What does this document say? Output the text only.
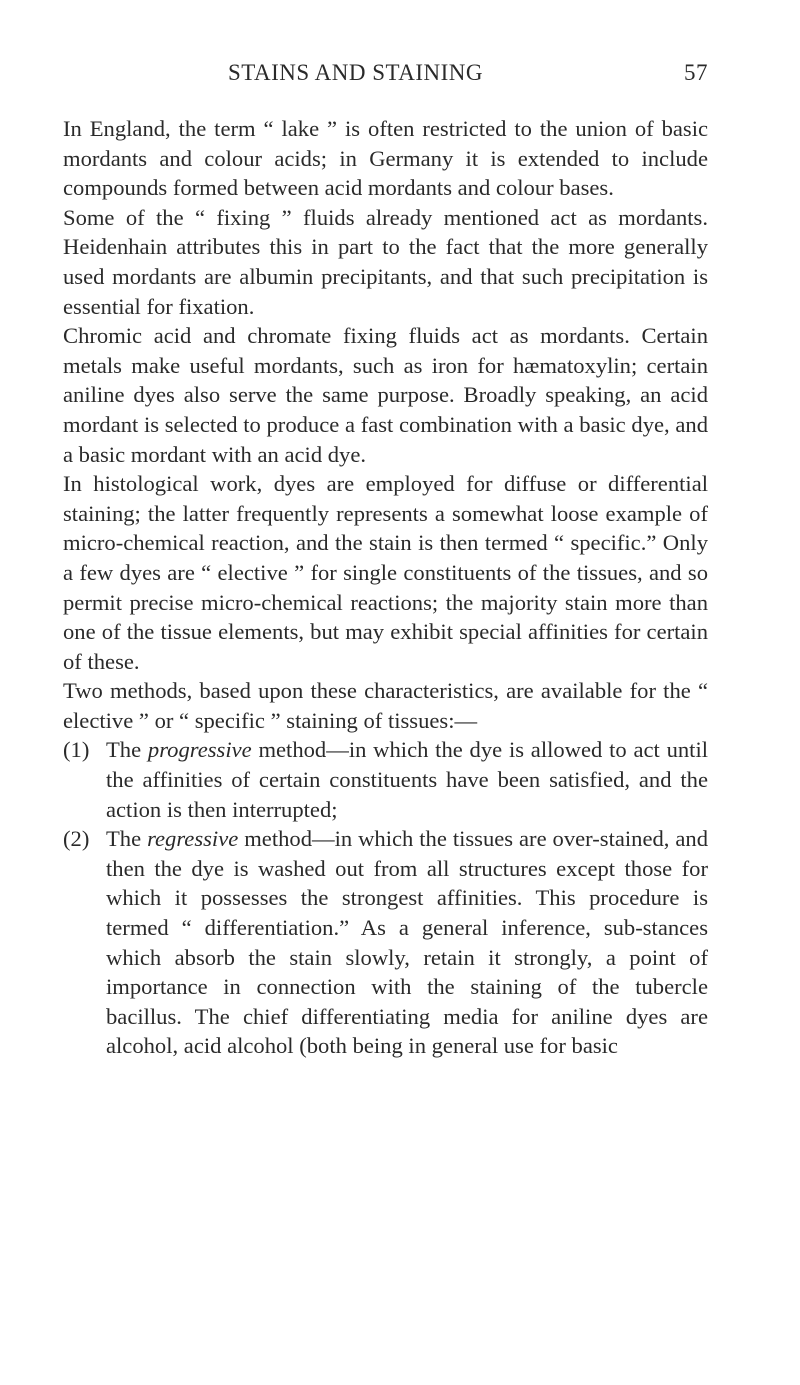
STAINS AND STAINING	57

In England, the term “ lake ” is often restricted to the union of basic mordants and colour acids; in Germany it is extended to include compounds formed between acid mordants and colour bases.

Some of the “ fixing ” fluids already mentioned act as mordants. Heidenhain attributes this in part to the fact that the more generally used mordants are albumin precipitants, and that such precipitation is essential for fixation.

Chromic acid and chromate fixing fluids act as mordants. Certain metals make useful mordants, such as iron for hæmatoxylin; certain aniline dyes also serve the same purpose. Broadly speaking, an acid mordant is selected to produce a fast combination with a basic dye, and a basic mordant with an acid dye.

In histological work, dyes are employed for diffuse or differential staining; the latter frequently represents a somewhat loose example of micro-chemical reaction, and the stain is then termed “ specific.” Only a few dyes are “ elective ” for single constituents of the tissues, and so permit precise micro-chemical reactions; the majority stain more than one of the tissue elements, but may exhibit special affinities for certain of these.

Two methods, based upon these characteristics, are available for the “ elective ” or “ specific ” staining of tissues:—

(1) The progressive method—in which the dye is allowed to act until the affinities of certain constituents have been satisfied, and the action is then interrupted;
(2) The regressive method—in which the tissues are over-stained, and then the dye is washed out from all structures except those for which it possesses the strongest affinities. This procedure is termed “ differentiation.” As a general inference, sub-stances which absorb the stain slowly, retain it strongly, a point of importance in connection with the staining of the tubercle bacillus. The chief differentiating media for aniline dyes are alcohol, acid alcohol (both being in general use for basic
